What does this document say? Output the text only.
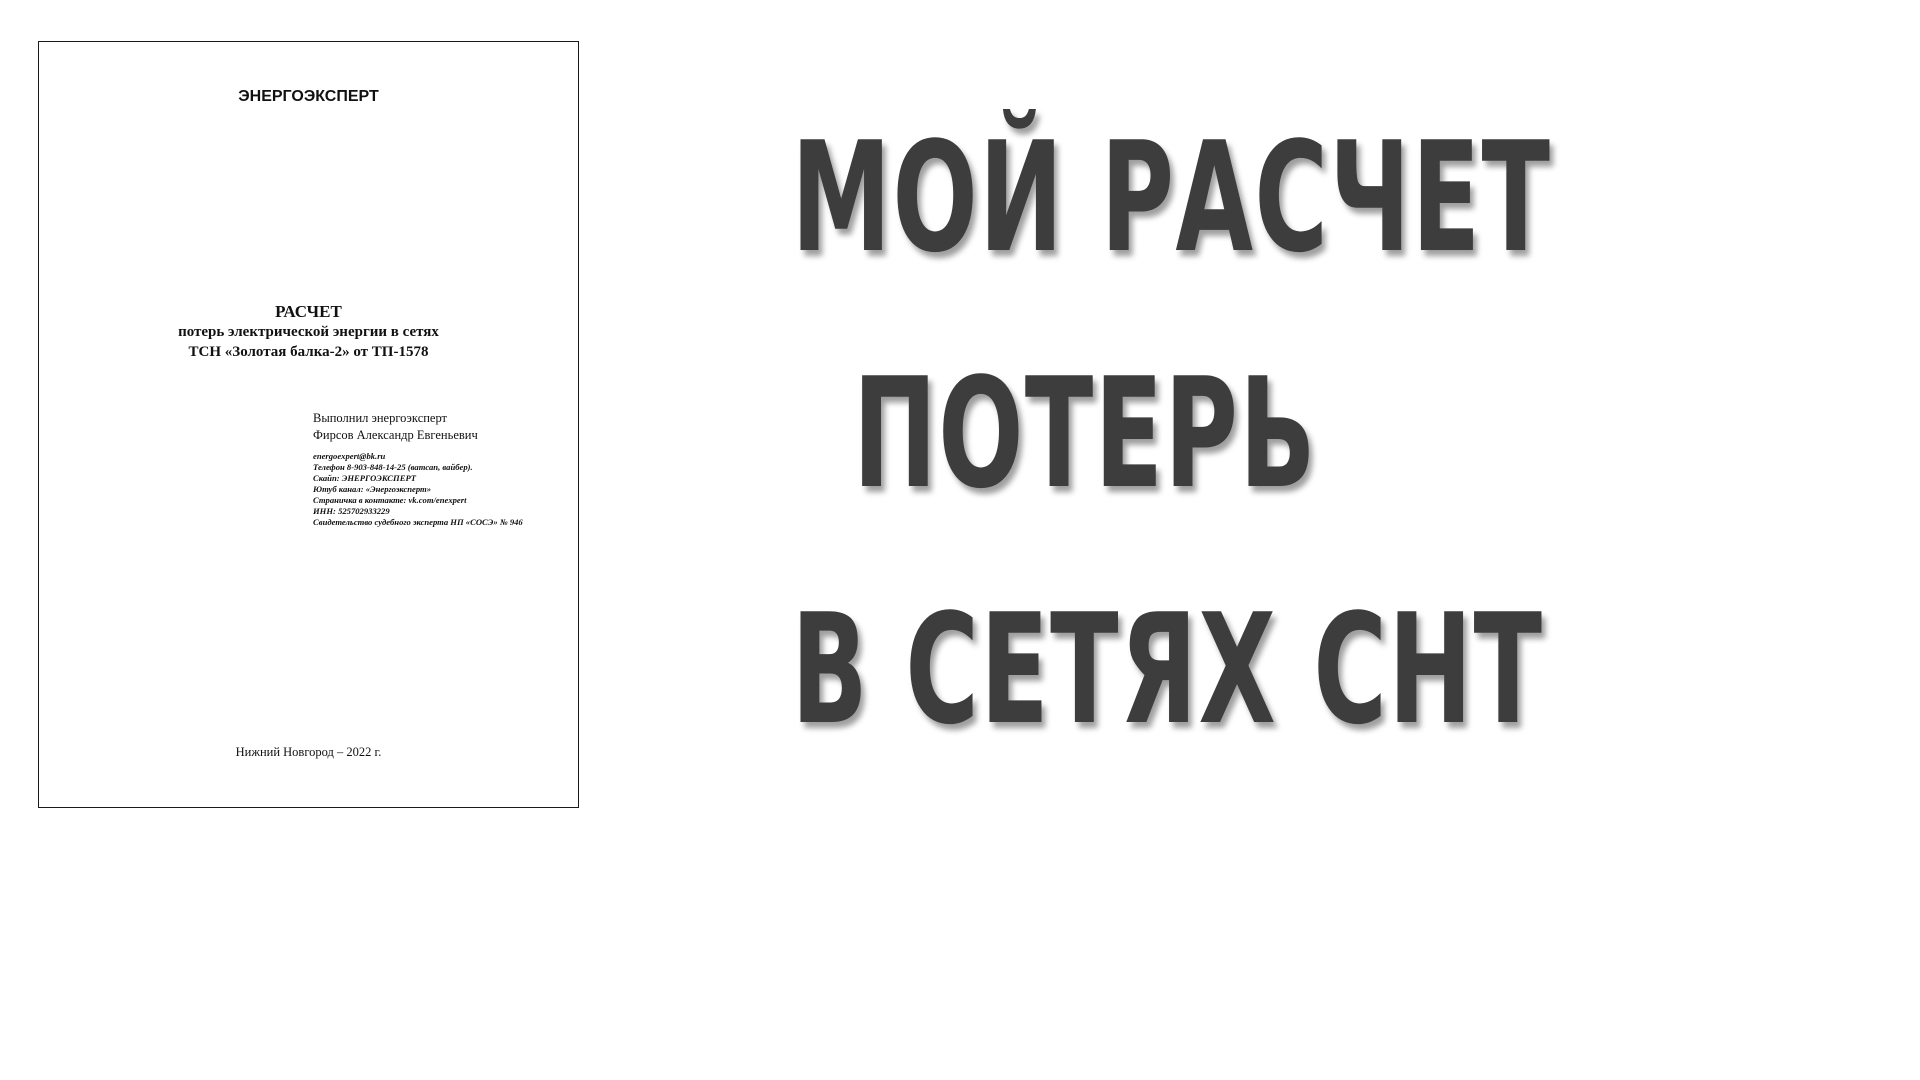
ЭНЕРГОЭКСПЕРТ
РАСЧЕТ
потерь электрической энергии в сетях
ТСН «Золотая балка-2» от ТП-1578
Выполнил энергоэксперт
Фирсов Александр Евгеньевич
energoexpert@bk.ru
Телефон 8-903-848-14-25 (ватсап, вайбер).
Скайп: ЭНЕРГОЭКСПЕРТ
Ютуб канал: «Энергоэксперт»
Страничка в контакте: vk.com/enexpert
ИНН: 525702933229
Свидетельство судебного эксперта НП «СОСЭ» № 946
Нижний Новгород – 2022 г.
МОЙ РАСЧЕТ
ПОТЕРЬ
В СЕТЯХ СНТ
